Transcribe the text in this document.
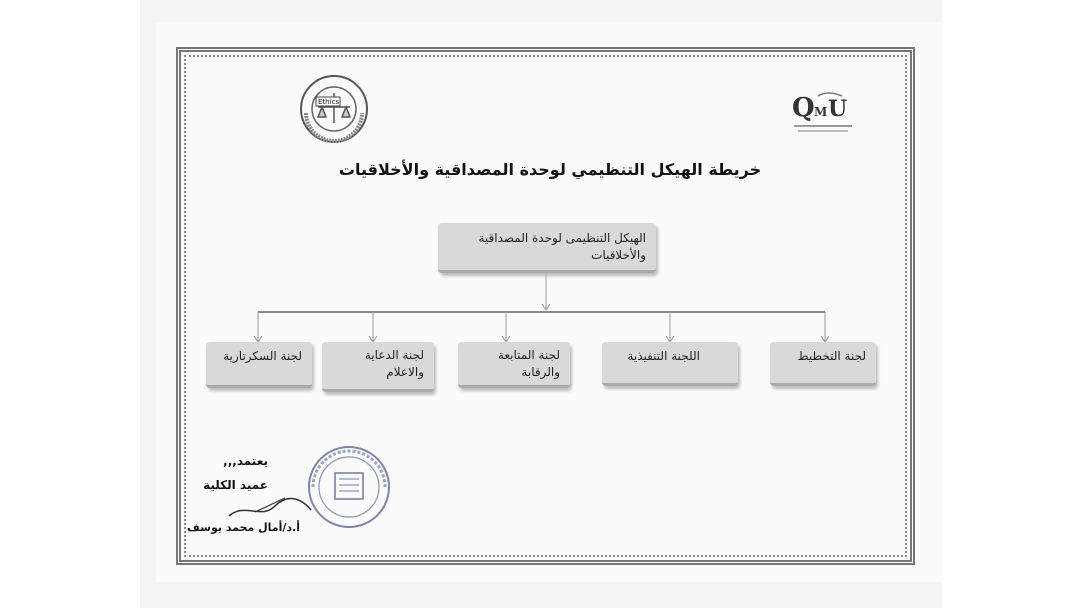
Q M U
Ethics
خريطة الهيكل التنظيمي لوحدة المصداقية والأخلاقيات
الهيكل التنظيمى لوحدة المصداقية
والأخلاقيات
لجنة التخطيط
اللجنة التنفيذية
لجنة المتابعة
والرقابة
لجنة الدعاية
والاعلام
لجنة السكرتارية
يعتمد,,,
عميد الكلية
أ.د/أمال محمد يوسف
